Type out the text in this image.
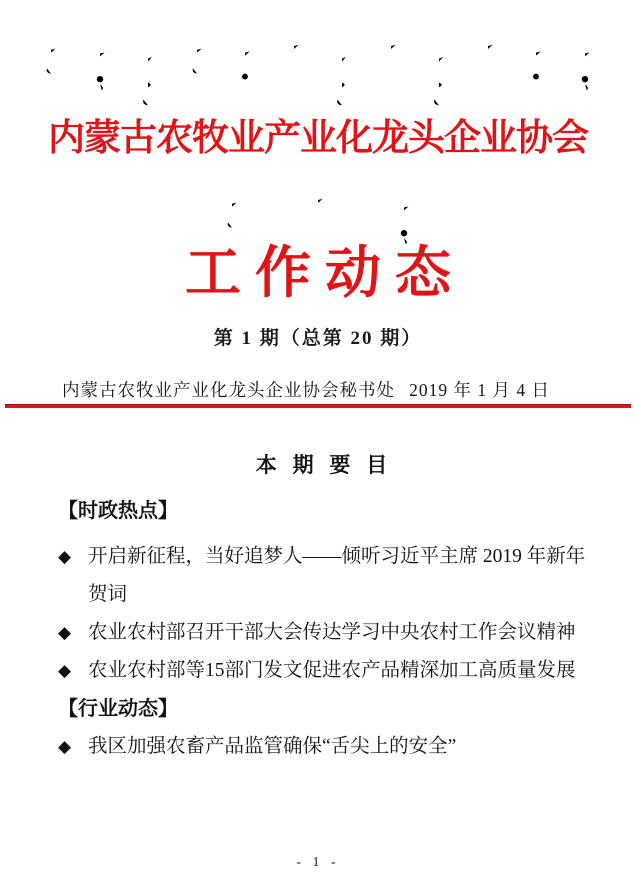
内蒙古农牧业产业化龙头企业协会
工作动态
第 1 期（总第 20 期）
内蒙古农牧业产业化龙头企业协会秘书处 2019 年 1 月 4 日
本 期 要 目
【时政热点】
◆ 开启新征程，当好追梦人——倾听习近平主席 2019 年新年贺词
◆ 农业农村部召开干部大会传达学习中央农村工作会议精神
◆ 农业农村部等15部门发文促进农产品精深加工高质量发展
【行业动态】
◆ 我区加强农畜产品监管确保“舌尖上的安全”
- 1 -
